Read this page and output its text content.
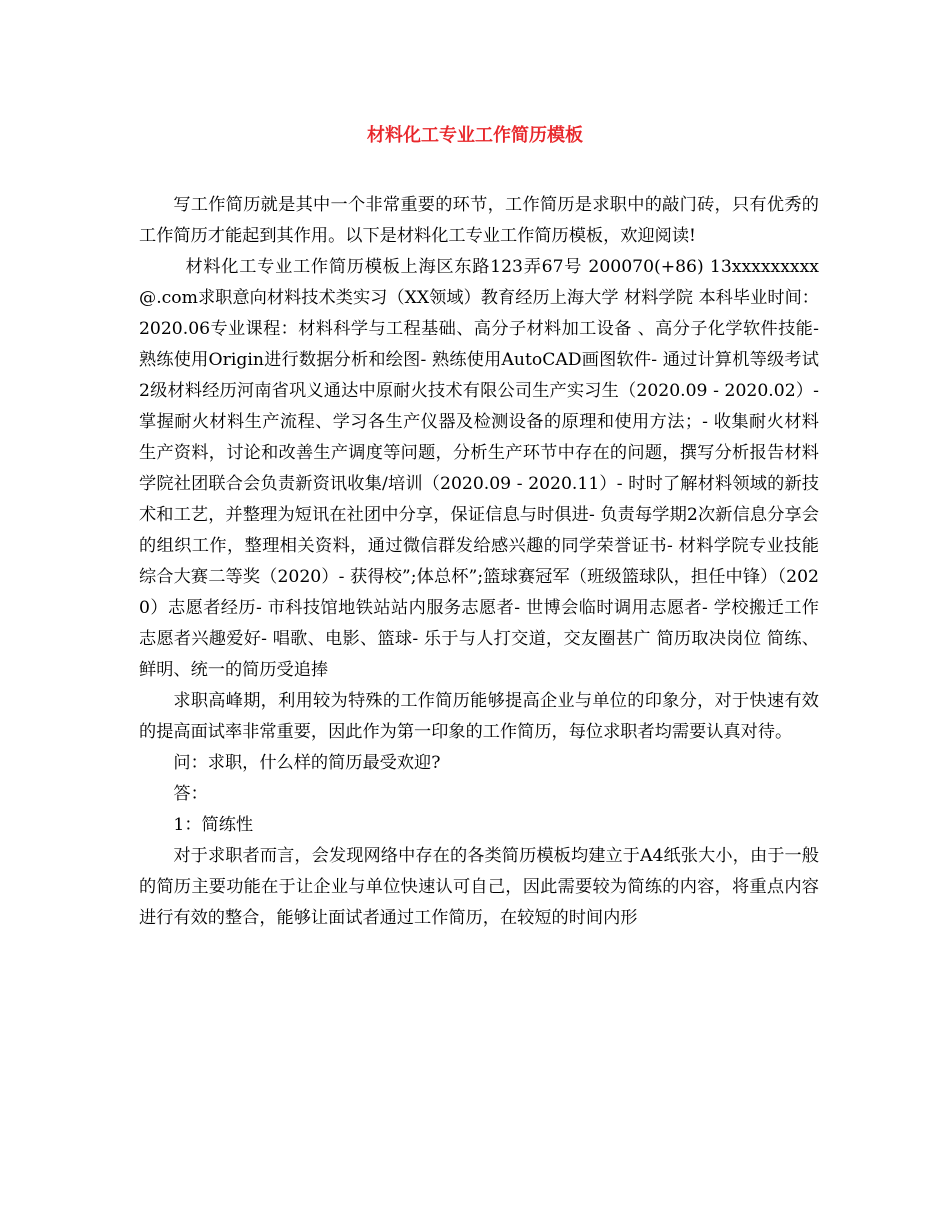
材料化工专业工作简历模板

写工作简历就是其中一个非常重要的环节，工作简历是求职中的敲门砖，只有优秀的工作简历才能起到其作用。以下是材料化工专业工作简历模板，欢迎阅读!

材料化工专业工作简历模板上海区东路123弄67号 200070(+86) 13xxxxxxxxx@.com求职意向材料技术类实习（XX领域）教育经历上海大学 材料学院 本科毕业时间：2020.06专业课程：材料科学与工程基础、高分子材料加工设备 、高分子化学软件技能- 熟练使用Origin进行数据分析和绘图- 熟练使用AutoCAD画图软件- 通过计算机等级考试2级材料经历河南省巩义通达中原耐火技术有限公司生产实习生（2020.09 - 2020.02）- 掌握耐火材料生产流程、学习各生产仪器及检测设备的原理和使用方法；- 收集耐火材料生产资料，讨论和改善生产调度等问题，分析生产环节中存在的问题，撰写分析报告材料学院社团联合会负责新资讯收集/培训（2020.09 - 2020.11）- 时时了解材料领域的新技术和工艺，并整理为短讯在社团中分享，保证信息与时俱进- 负责每学期2次新信息分享会的组织工作，整理相关资料，通过微信群发给感兴趣的同学荣誉证书- 材料学院专业技能综合大赛二等奖（2020）- 获得校”;体总杯”;篮球赛冠军（班级篮球队，担任中锋）（2020）志愿者经历- 市科技馆地铁站站内服务志愿者- 世博会临时调用志愿者- 学校搬迁工作志愿者兴趣爱好- 唱歌、电影、篮球- 乐于与人打交道，交友圈甚广 简历取决岗位 简练、鲜明、统一的简历受追捧

求职高峰期，利用较为特殊的工作简历能够提高企业与单位的印象分，对于快速有效的提高面试率非常重要，因此作为第一印象的工作简历，每位求职者均需要认真对待。

问：求职，什么样的简历最受欢迎?

答：

1：简练性

对于求职者而言，会发现网络中存在的各类简历模板均建立于A4纸张大小，由于一般的简历主要功能在于让企业与单位快速认可自己，因此需要较为简练的内容，将重点内容进行有效的整合，能够让面试者通过工作简历，在较短的时间内形
